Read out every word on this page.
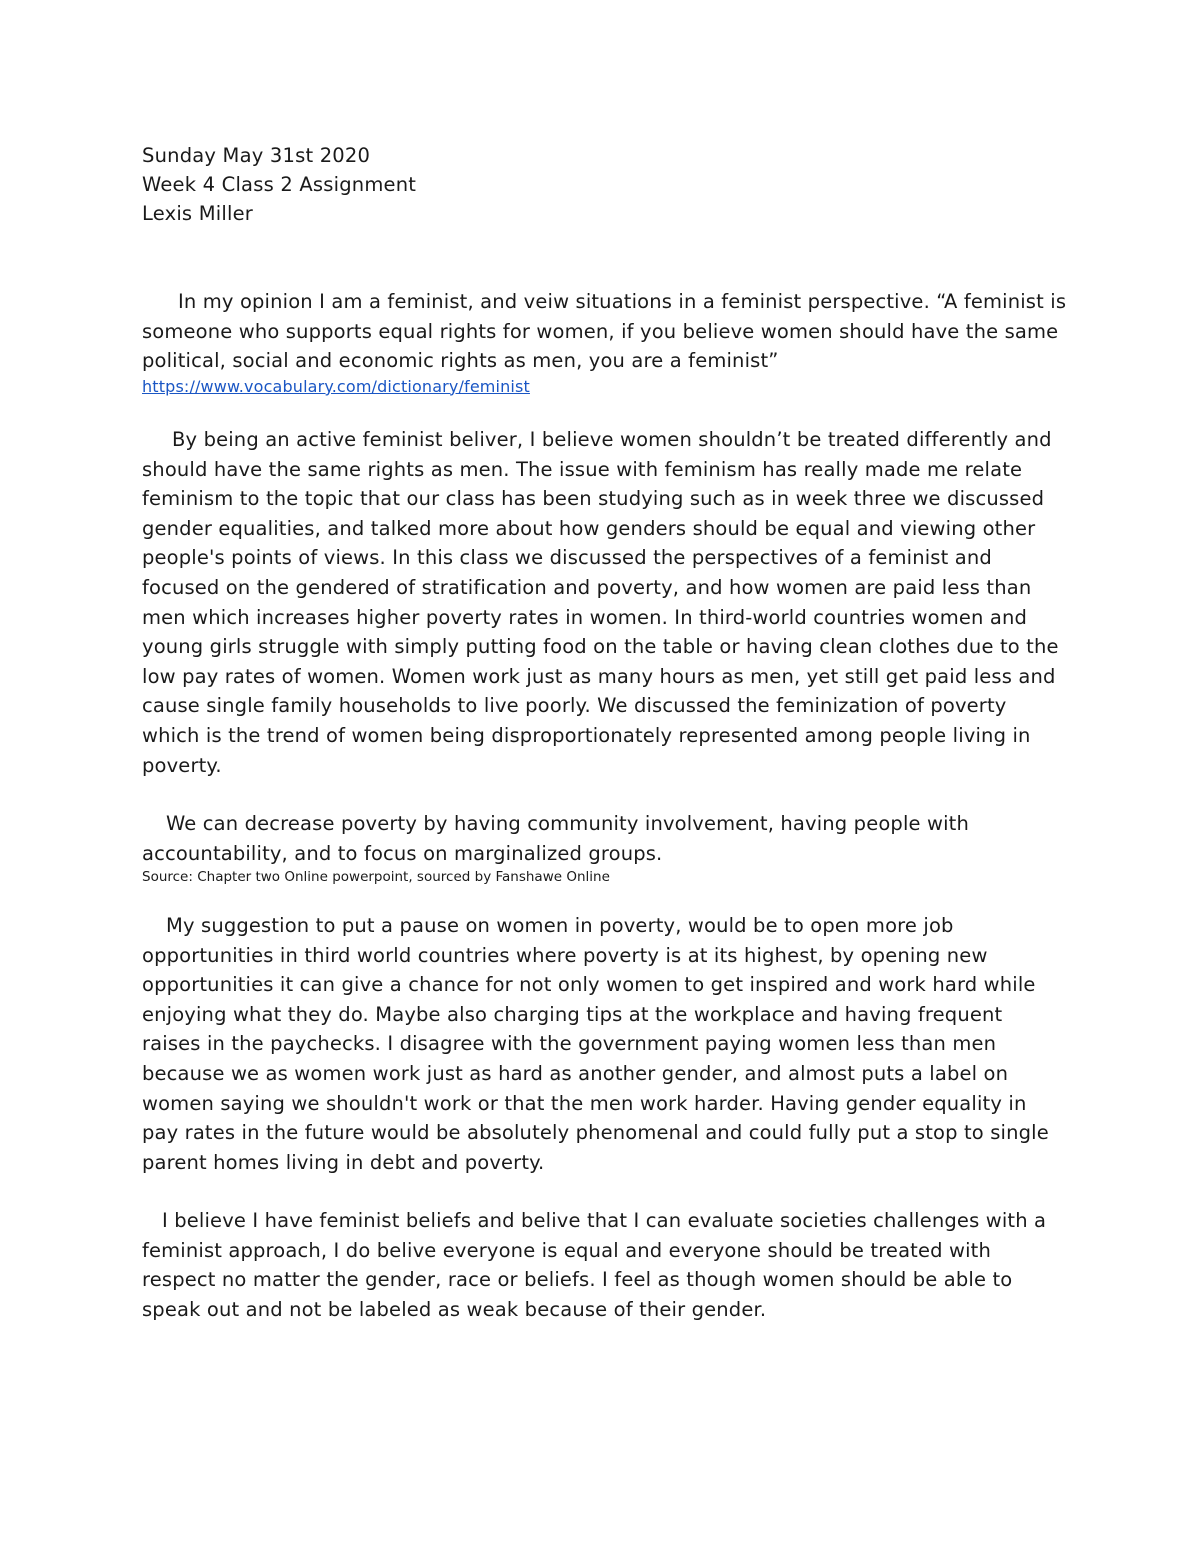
Sunday May 31st 2020
Week 4 Class 2 Assignment
Lexis Miller

In my opinion I am a feminist, and veiw situations in a feminist perspective. “A feminist is someone who supports equal rights for women, if you believe women should have the same political, social and economic rights as men, you are a feminist”
https://www.vocabulary.com/dictionary/feminist

By being an active feminist beliver, I believe women shouldn’t be treated differently and should have the same rights as men. The issue with feminism has really made me relate feminism to the topic that our class has been studying such as in week three we discussed gender equalities, and talked more about how genders should be equal and viewing other people's points of views. In this class we discussed the perspectives of a feminist and focused on the gendered of stratification and poverty, and how women are paid less than men which increases higher poverty rates in women. In third-world countries women and young girls struggle with simply putting food on the table or having clean clothes due to the low pay rates of women. Women work just as many hours as men, yet still get paid less and cause single family households to live poorly. We discussed the feminization of poverty which is the trend of women being disproportionately represented among people living in poverty.

We can decrease poverty by having community involvement, having people with accountability, and to focus on marginalized groups.
Source: Chapter two Online powerpoint, sourced by Fanshawe Online

My suggestion to put a pause on women in poverty, would be to open more job opportunities in third world countries where poverty is at its highest, by opening new opportunities it can give a chance for not only women to get inspired and work hard while enjoying what they do. Maybe also charging tips at the workplace and having frequent raises in the paychecks. I disagree with the government paying women less than men because we as women work just as hard as another gender, and almost puts a label on women saying we shouldn't work or that the men work harder. Having gender equality in pay rates in the future would be absolutely phenomenal and could fully put a stop to single parent homes living in debt and poverty.

I believe I have feminist beliefs and belive that I can evaluate societies challenges with a feminist approach, I do belive everyone is equal and everyone should be treated with respect no matter the gender, race or beliefs. I feel as though women should be able to speak out and not be labeled as weak because of their gender.
